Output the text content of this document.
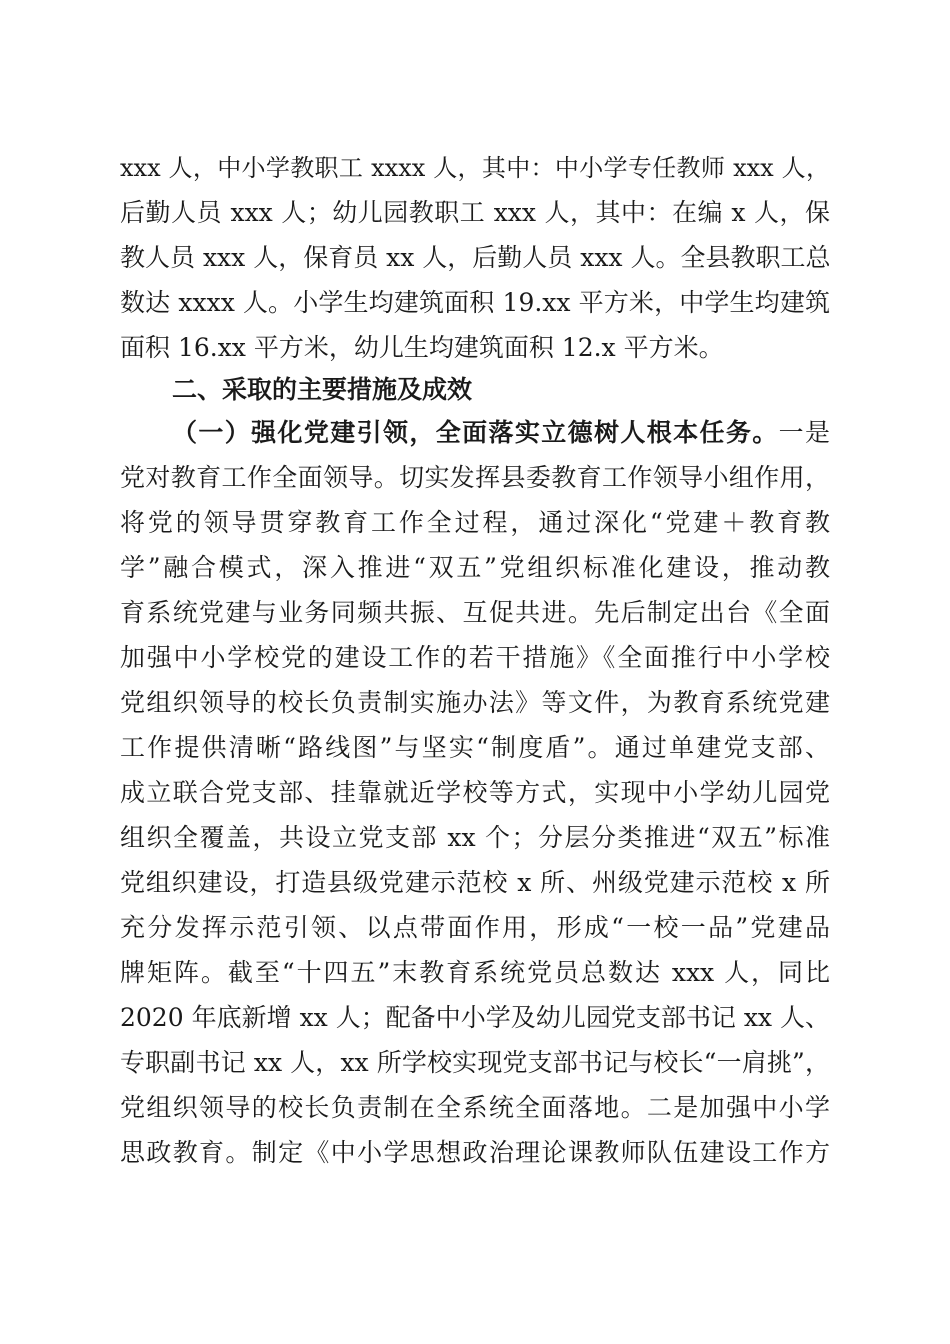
xxx 人，中小学教职工 xxxx 人，其中：中小学专任教师 xxx 人，
后勤人员 xxx 人；幼儿园教职工 xxx 人，其中：在编 x 人，保
教人员 xxx 人，保育员 xx 人，后勤人员 xxx 人。全县教职工总
数达 xxxx 人。小学生均建筑面积 19.xx 平方米，中学生均建筑
面积 16.xx 平方米，幼儿生均建筑面积 12.x 平方米。
二、采取的主要措施及成效
（一）强化党建引领，全面落实立德树人根本任务。一是
党对教育工作全面领导。切实发挥县委教育工作领导小组作用，
将党的领导贯穿教育工作全过程，通过深化“党建＋教育教
学”融合模式，深入推进“双五”党组织标准化建设，推动教
育系统党建与业务同频共振、互促共进。先后制定出台《全面
加强中小学校党的建设工作的若干措施》《全面推行中小学校
党组织领导的校长负责制实施办法》等文件，为教育系统党建
工作提供清晰“路线图”与坚实“制度盾”。通过单建党支部、
成立联合党支部、挂靠就近学校等方式，实现中小学幼儿园党
组织全覆盖，共设立党支部 xx 个；分层分类推进“双五”标准
党组织建设，打造县级党建示范校 x 所、州级党建示范校 x 所
充分发挥示范引领、以点带面作用，形成“一校一品”党建品
牌矩阵。截至“十四五”末教育系统党员总数达 xxx 人，同比
2020 年底新增 xx 人；配备中小学及幼儿园党支部书记 xx 人、
专职副书记 xx 人，xx 所学校实现党支部书记与校长“一肩挑”，
党组织领导的校长负责制在全系统全面落地。二是加强中小学
思政教育。制定《中小学思想政治理论课教师队伍建设工作方
